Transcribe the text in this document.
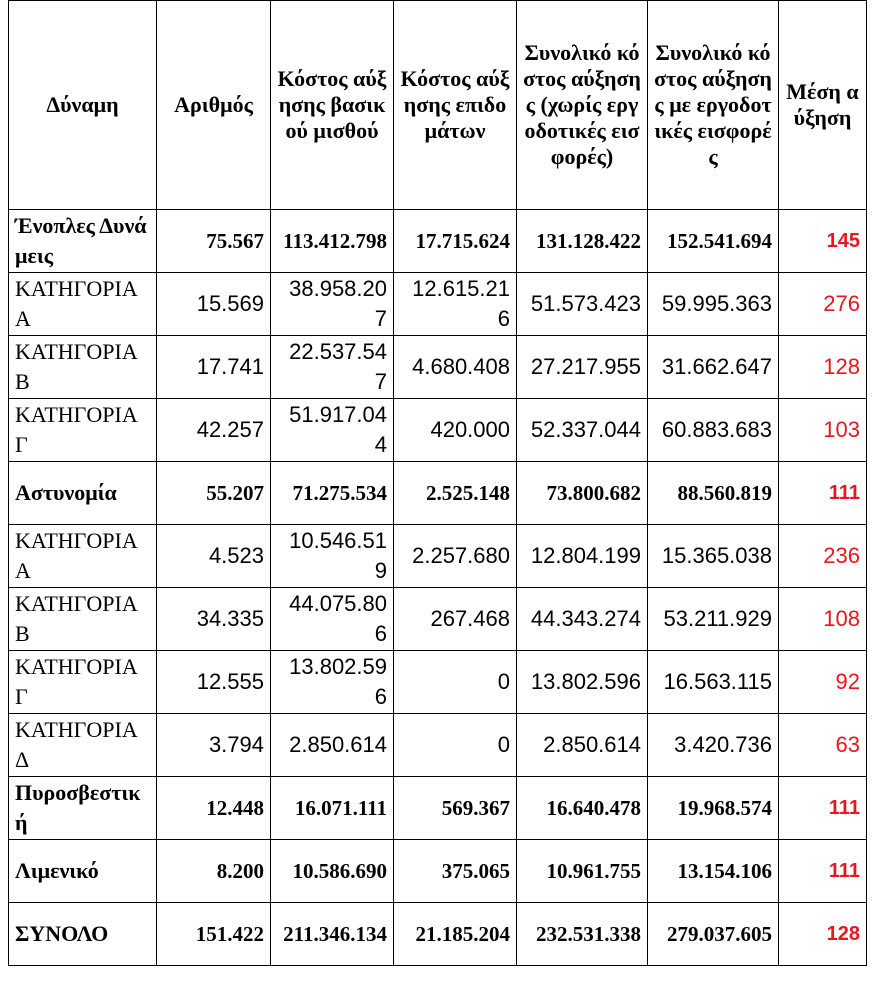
Δύναμη	Αριθμός	Κόστος αύξησης βασικού μισθού	Κόστος αύξησης επιδομάτων	Συνολικό κόστος αύξησης (χωρίς εργοδοτικές εισφορές)	Συνολικό κόστος αύξησης με εργοδοτικές εισφορές	Μέση αύξηση
Ένοπλες Δυνάμεις	75.567	113.412.798	17.715.624	131.128.422	152.541.694	145
ΚΑΤΗΓΟΡΙΑ Α	15.569	38.958.207	12.615.216	51.573.423	59.995.363	276
ΚΑΤΗΓΟΡΙΑ Β	17.741	22.537.547	4.680.408	27.217.955	31.662.647	128
ΚΑΤΗΓΟΡΙΑ Γ	42.257	51.917.044	420.000	52.337.044	60.883.683	103
Αστυνομία	55.207	71.275.534	2.525.148	73.800.682	88.560.819	111
ΚΑΤΗΓΟΡΙΑ Α	4.523	10.546.519	2.257.680	12.804.199	15.365.038	236
ΚΑΤΗΓΟΡΙΑ Β	34.335	44.075.806	267.468	44.343.274	53.211.929	108
ΚΑΤΗΓΟΡΙΑ Γ	12.555	13.802.596	0	13.802.596	16.563.115	92
ΚΑΤΗΓΟΡΙΑ Δ	3.794	2.850.614	0	2.850.614	3.420.736	63
Πυροσβεστική	12.448	16.071.111	569.367	16.640.478	19.968.574	111
Λιμενικό	8.200	10.586.690	375.065	10.961.755	13.154.106	111
ΣΥΝΟΛΟ	151.422	211.346.134	21.185.204	232.531.338	279.037.605	128
